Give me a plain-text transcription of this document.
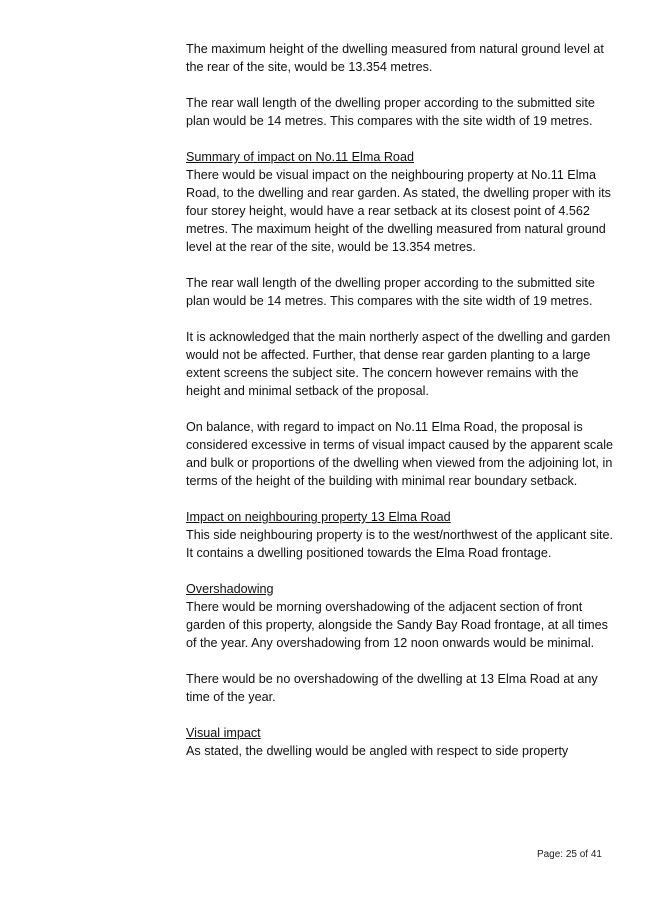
The maximum height of the dwelling measured from natural ground level at the rear of the site, would be 13.354 metres.

The rear wall length of the dwelling proper according to the submitted site plan would be 14 metres. This compares with the site width of 19 metres.

Summary of impact on No.11 Elma Road
There would be visual impact on the neighbouring property at No.11 Elma Road, to the dwelling and rear garden. As stated, the dwelling proper with its four storey height, would have a rear setback at its closest point of 4.562 metres. The maximum height of the dwelling measured from natural ground level at the rear of the site, would be 13.354 metres.

The rear wall length of the dwelling proper according to the submitted site plan would be 14 metres. This compares with the site width of 19 metres.

It is acknowledged that the main northerly aspect of the dwelling and garden would not be affected. Further, that dense rear garden planting to a large extent screens the subject site. The concern however remains with the height and minimal setback of the proposal.

On balance, with regard to impact on No.11 Elma Road, the proposal is considered excessive in terms of visual impact caused by the apparent scale and bulk or proportions of the dwelling when viewed from the adjoining lot, in terms of the height of the building with minimal rear boundary setback.

Impact on neighbouring property 13 Elma Road
This side neighbouring property is to the west/northwest of the applicant site. It contains a dwelling positioned towards the Elma Road frontage.

Overshadowing
There would be morning overshadowing of the adjacent section of front garden of this property, alongside the Sandy Bay Road frontage, at all times of the year. Any overshadowing from 12 noon onwards would be minimal.

There would be no overshadowing of the dwelling at 13 Elma Road at any time of the year.

Visual impact
As stated, the dwelling would be angled with respect to side property

Page: 25 of 41
